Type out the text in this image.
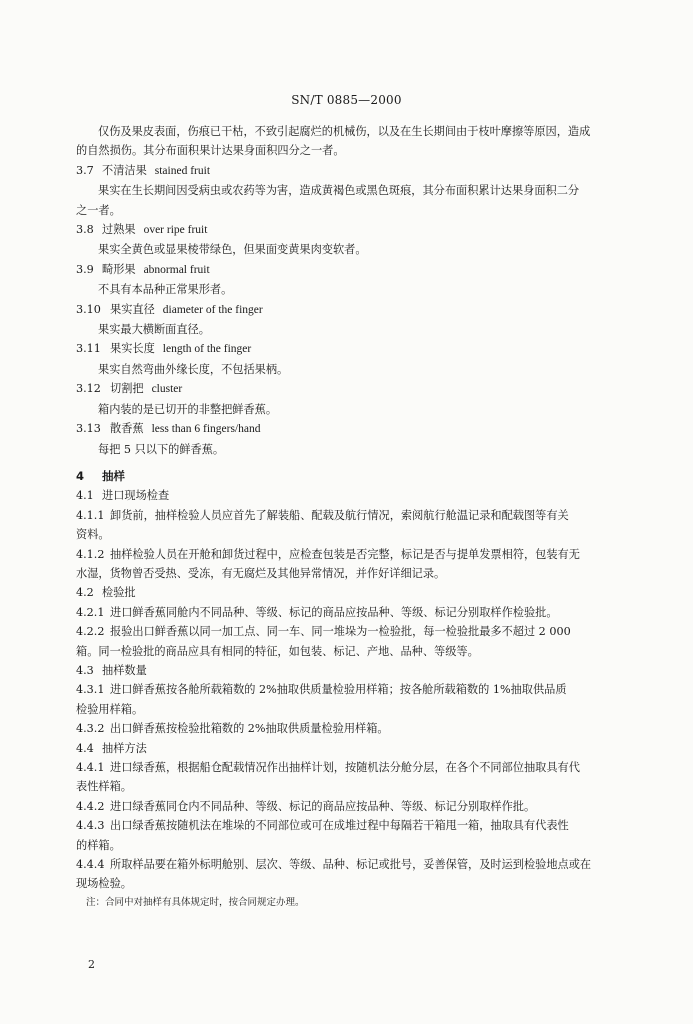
SN/T 0885—2000
仅伤及果皮表面，伤痕已干枯，不致引起腐烂的机械伤，以及在生长期间由于枝叶摩擦等原因，造成
的自然损伤。其分布面积果计达果身面积四分之一者。
3.7 不清洁果 stained fruit
果实在生长期间因受病虫或农药等为害，造成黄褐色或黑色斑痕，其分布面积累计达果身面积二分
之一者。
3.8 过熟果 over ripe fruit
果实全黄色或显果棱带绿色，但果面变黄果肉变软者。
3.9 畸形果 abnormal fruit
不具有本品种正常果形者。
3.10 果实直径 diameter of the finger
果实最大横断面直径。
3.11 果实长度 length of the finger
果实自然弯曲外缘长度，不包括果柄。
3.12 切割把 cluster
箱内装的是已切开的非整把鲜香蕉。
3.13 散香蕉 less than 6 fingers/hand
每把 5 只以下的鲜香蕉。
4 抽样
4.1 进口现场检查
4.1.1 卸货前，抽样检验人员应首先了解装船、配载及航行情况，索阅航行舱温记录和配载图等有关
资料。
4.1.2 抽样检验人员在开舱和卸货过程中，应检查包装是否完整，标记是否与提单发票相符，包装有无
水湿，货物曾否受热、受冻，有无腐烂及其他异常情况，并作好详细记录。
4.2 检验批
4.2.1 进口鲜香蕉同舱内不同品种、等级、标记的商品应按品种、等级、标记分别取样作检验批。
4.2.2 报验出口鲜香蕉以同一加工点、同一车、同一堆垛为一检验批，每一检验批最多不超过 2 000
箱。同一检验批的商品应具有相同的特征，如包装、标记、产地、品种、等级等。
4.3 抽样数量
4.3.1 进口鲜香蕉按各舱所载箱数的 2%抽取供质量检验用样箱；按各舱所载箱数的 1%抽取供品质
检验用样箱。
4.3.2 出口鲜香蕉按检验批箱数的 2%抽取供质量检验用样箱。
4.4 抽样方法
4.4.1 进口绿香蕉，根据船仓配载情况作出抽样计划，按随机法分舱分层，在各个不同部位抽取具有代
表性样箱。
4.4.2 进口绿香蕉同仓内不同品种、等级、标记的商品应按品种、等级、标记分别取样作批。
4.4.3 出口绿香蕉按随机法在堆垛的不同部位或可在成堆过程中每隔若干箱甩一箱，抽取具有代表性
的样箱。
4.4.4 所取样品要在箱外标明舱别、层次、等级、品种、标记或批号，妥善保管，及时运到检验地点或在
现场检验。
注：合同中对抽样有具体规定时，按合同规定办理。
2
